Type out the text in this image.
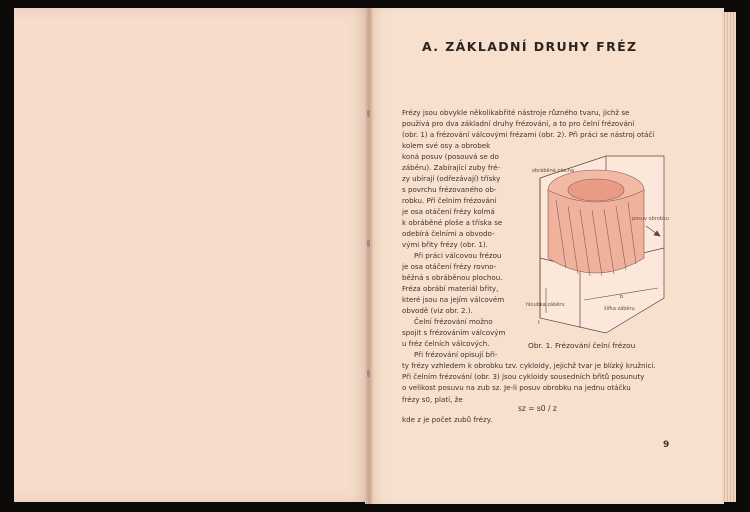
A. ZÁKLADNÍ DRUHY FRÉZ
Frézy jsou obvykle několikabřité nástroje různého tvaru, jichž se
používá pro dva základní druhy frézování, a to pro čelní frézování
(obr. 1) a frézování válcovými frézami (obr. 2). Při práci se nástroj otáčí
kolem své osy a obrobek
koná posuv (posouvá se do
záběru). Zabírající zuby fré-
zy ubírají (odřezávají) třísky
s povrchu frézovaného ob-
robku. Při čelním frézování
je osa otáčení frézy kolmá
k obráběné ploše a tříska se
odebírá čelními a obvodo-
vými břity frézy (obr. 1).
Při práci válcovou frézou
je osa otáčení frézy rovno-
běžná s obráběnou plochou.
Fréza obrábí materiál břity,
které jsou na jejím válcovém
obvodě (viz obr. 2.).
Čelní frézování možno
spojit s frézováním válcovým
u fréz čelních válcových.
Při frézování opisují bři-
ty frézy vzhledem k obrobku tzv. cykloidy, jejichž tvar je blízký kružnici.
Při čelním frézování (obr. 3) jsou cykloidy sousedních břitů posunuty
o velikost posuvu na zub sz. Je-li posuv obrobku na jednu otáčku
frézy s0, platí, že
kde z je počet zubů frézy.
sz = s0 / z
obráběná plocha
posuv obrobku
hloubka záběru
šířka záběru
b
t
Obr. 1. Frézování čelní frézou
9
